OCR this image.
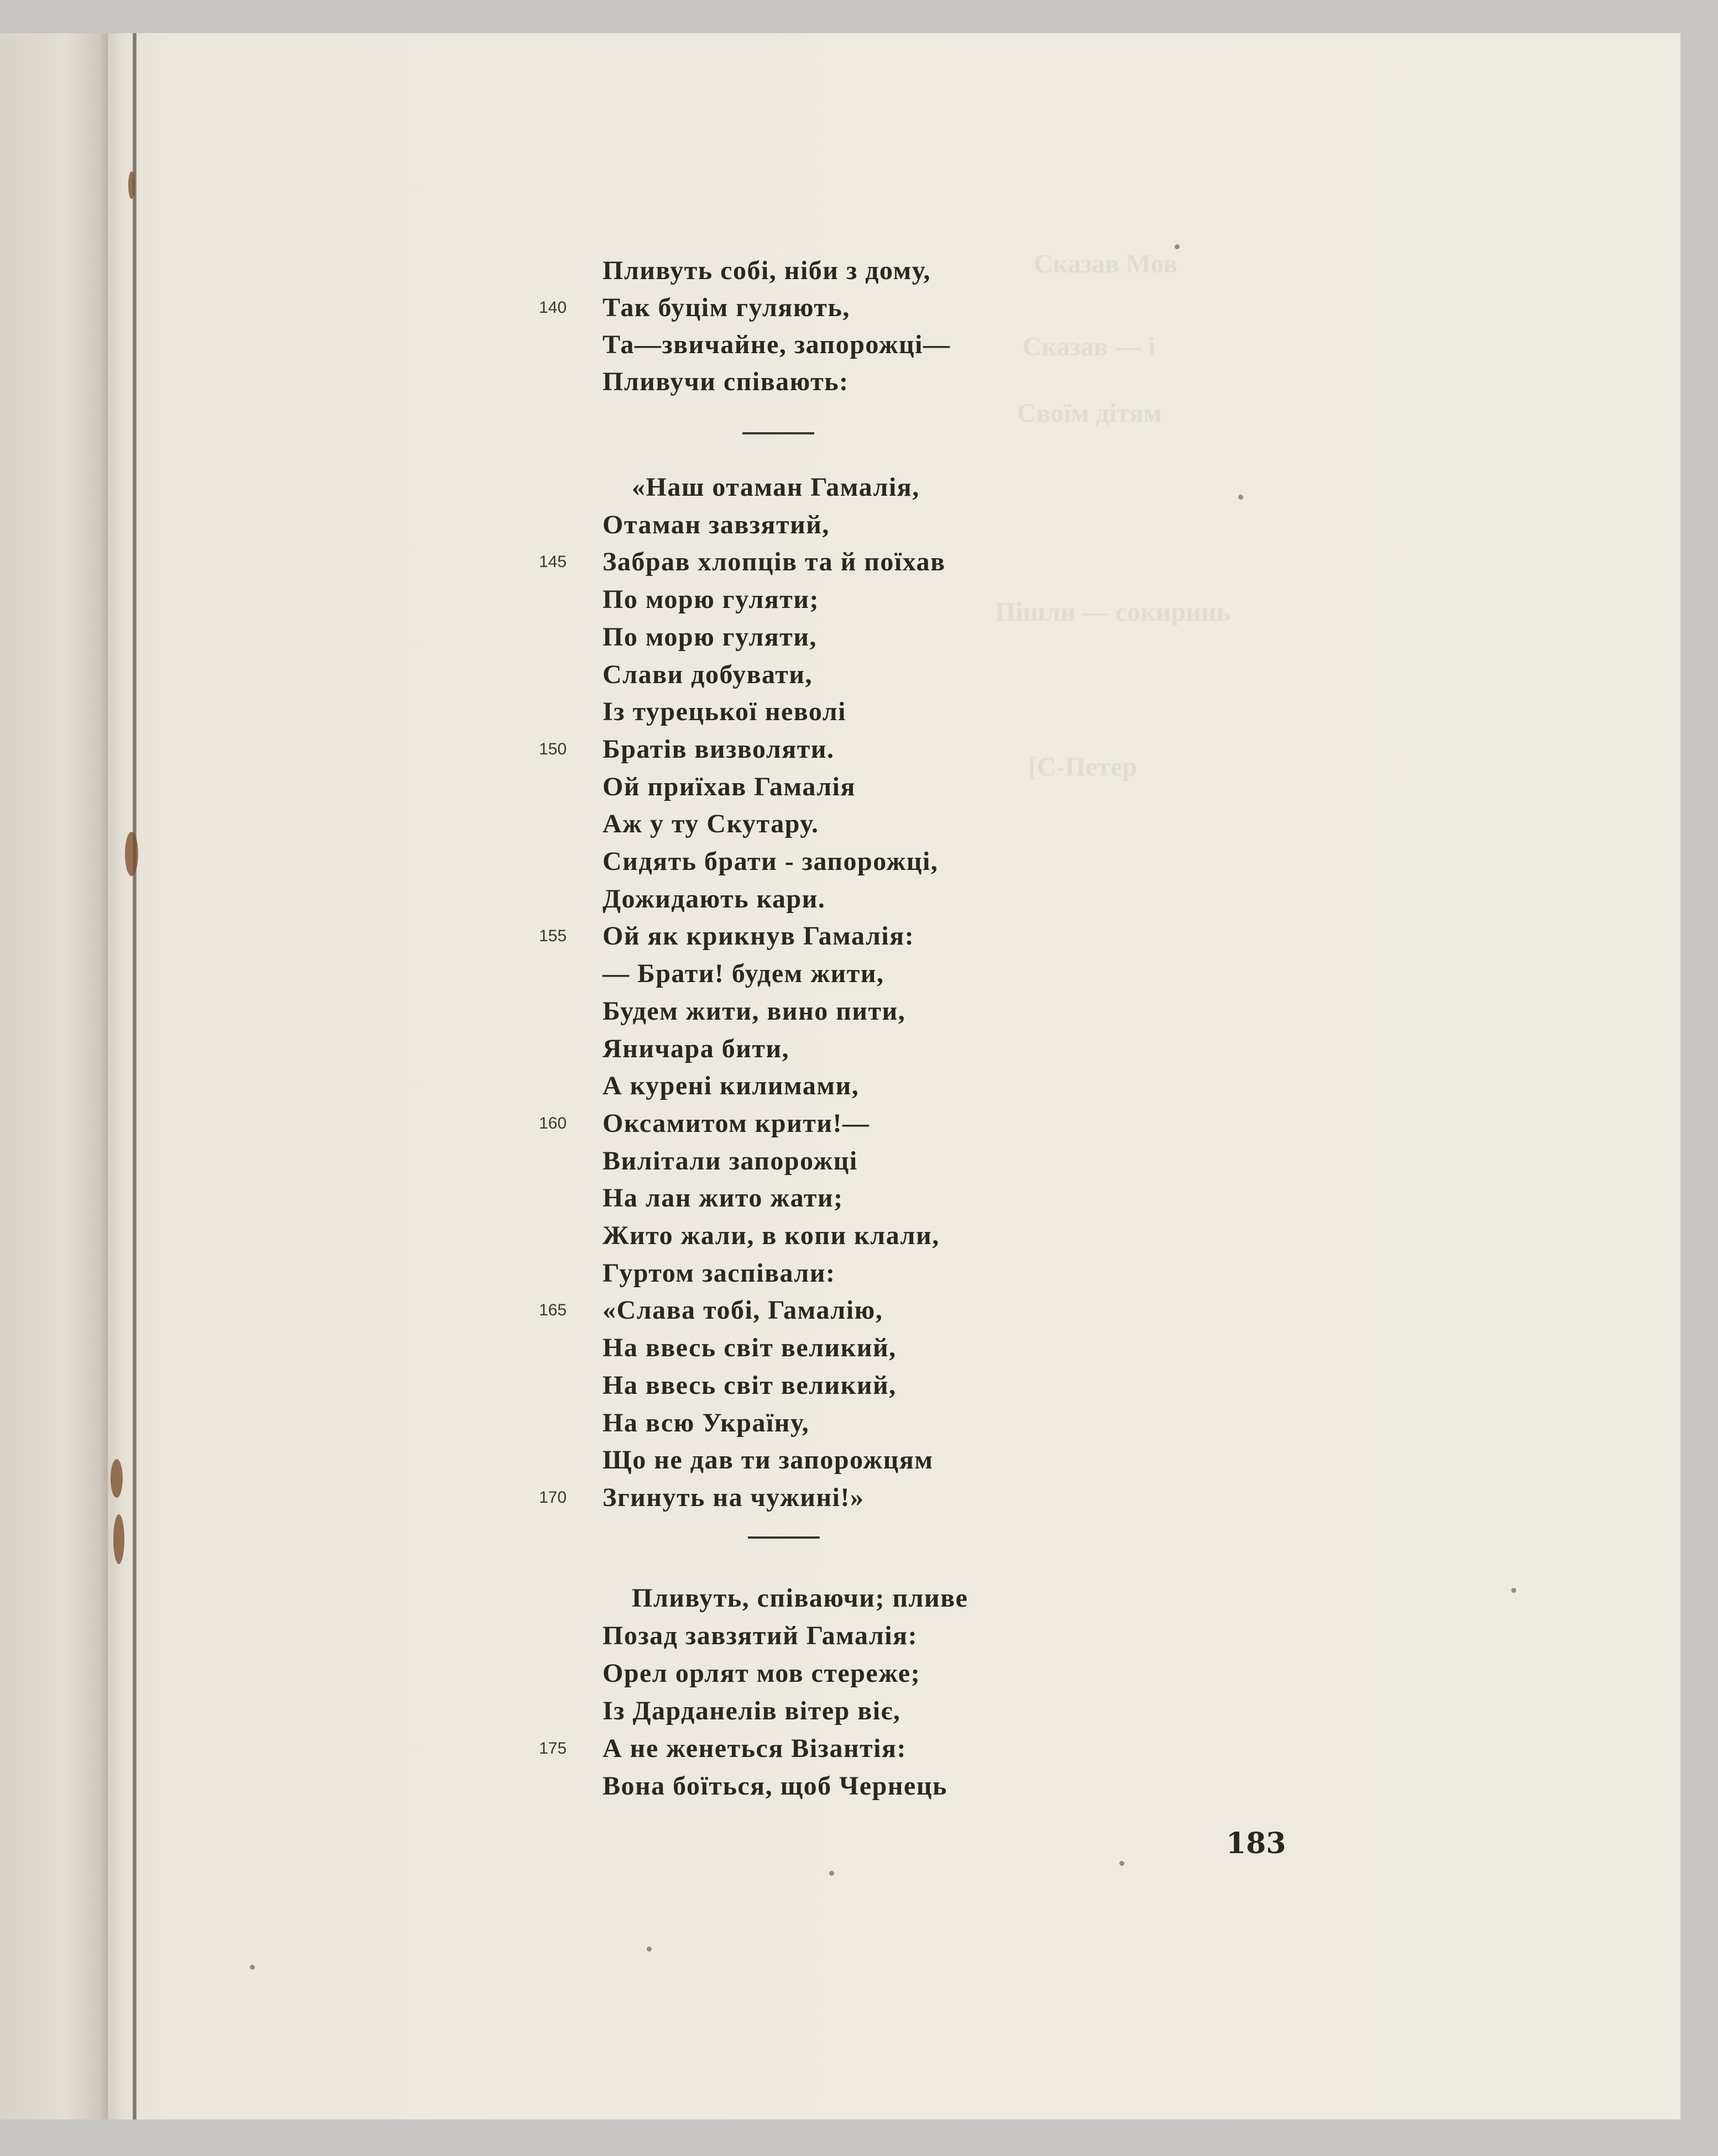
Сказав Мов
Сказав — і
Своїм дітям
Пішли — сокиринь
[С-Петер
Пливуть собі, ніби з дому,
Так буцім гуляють,
140
Та—звичайне, запорожці—
Пливучи співають:
«Наш отаман Гамалія,
Отаман завзятий,
Забрав хлопців та й поїхав
145
По морю гуляти;
По морю гуляти,
Слави добувати,
Із турецької неволі
Братів визволяти.
150
Ой приїхав Гамалія
Аж у ту Скутару.
Сидять брати - запорожці,
Дожидають кари.
Ой як крикнув Гамалія:
155
— Брати! будем жити,
Будем жити, вино пити,
Яничара бити,
А курені килимами,
Оксамитом крити!—
160
Вилітали запорожці
На лан жито жати;
Жито жали, в копи клали,
Гуртом заспівали:
«Слава тобі, Гамалію,
165
На ввесь світ великий,
На ввесь світ великий,
На всю Україну,
Що не дав ти запорожцям
Згинуть на чужині!»
170
Пливуть, співаючи; пливе
Позад завзятий Гамалія:
Орел орлят мов стереже;
Із Дарданелів вітер віє,
А не женеться Візантія:
175
Вона боїться, щоб Чернець
183
